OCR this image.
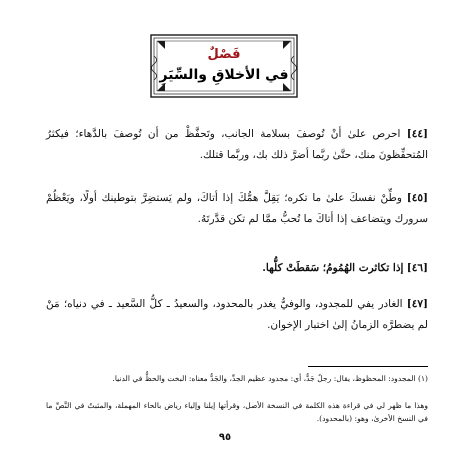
فَصْلٌ
في الأخلاقِ والسِّيَرِ
[٤٤] احرص علىٰ أنْ تُوصفَ بسلامة الجانب، وتَحفَّظْ من أن تُوصفَ بالدَّهاء؛ فيكثرُ المُتحفِّظونَ منك، حتَّىٰ ربَّما أضرَّ ذلك بك، وربَّما قتلك.
[٤٥] وطِّنْ نفسكَ علىٰ ما تكره؛ يَقِلَّ همُّكَ إذا أتاكَ، ولم يَستضِرَّ بتوطينك أولًا، ويَعْظُمْ سرورك ويتضاعف إذا أتاكَ ما تُحبُّ ممَّا لم تكن قدَّرتَهُ.
[٤٦] إذا تكاثرت الهُمُومُ؛ سَقطَتْ كلُّها.
[٤٧] الغادر يفي للمجدود، والوفيُّ يغدر بالمحدود، والسعيدُ ـ كلُّ السَّعيد ـ في دنياه؛ مَنْ لم يضطرَّه الزمانُ إلىٰ اختبار الإخوان.
(١) المجدود: المحظوظ، يقال: رجلٌ جَدٌّ، أي: مجدود عظيم الجدِّ، والجَدُّ معناه: البخت والحظُّ في الدنيا.
وهذا ما ظهر لي في قراءة هذه الكلمة في النسخة الأصل، وقرأتها إيلنا وإلياء رياض بالحاء المهملة، والمثبتُ في النَّصِّ ما في النسخ الأخرىٰ، وهو: (بالمحدود).
٩٥
